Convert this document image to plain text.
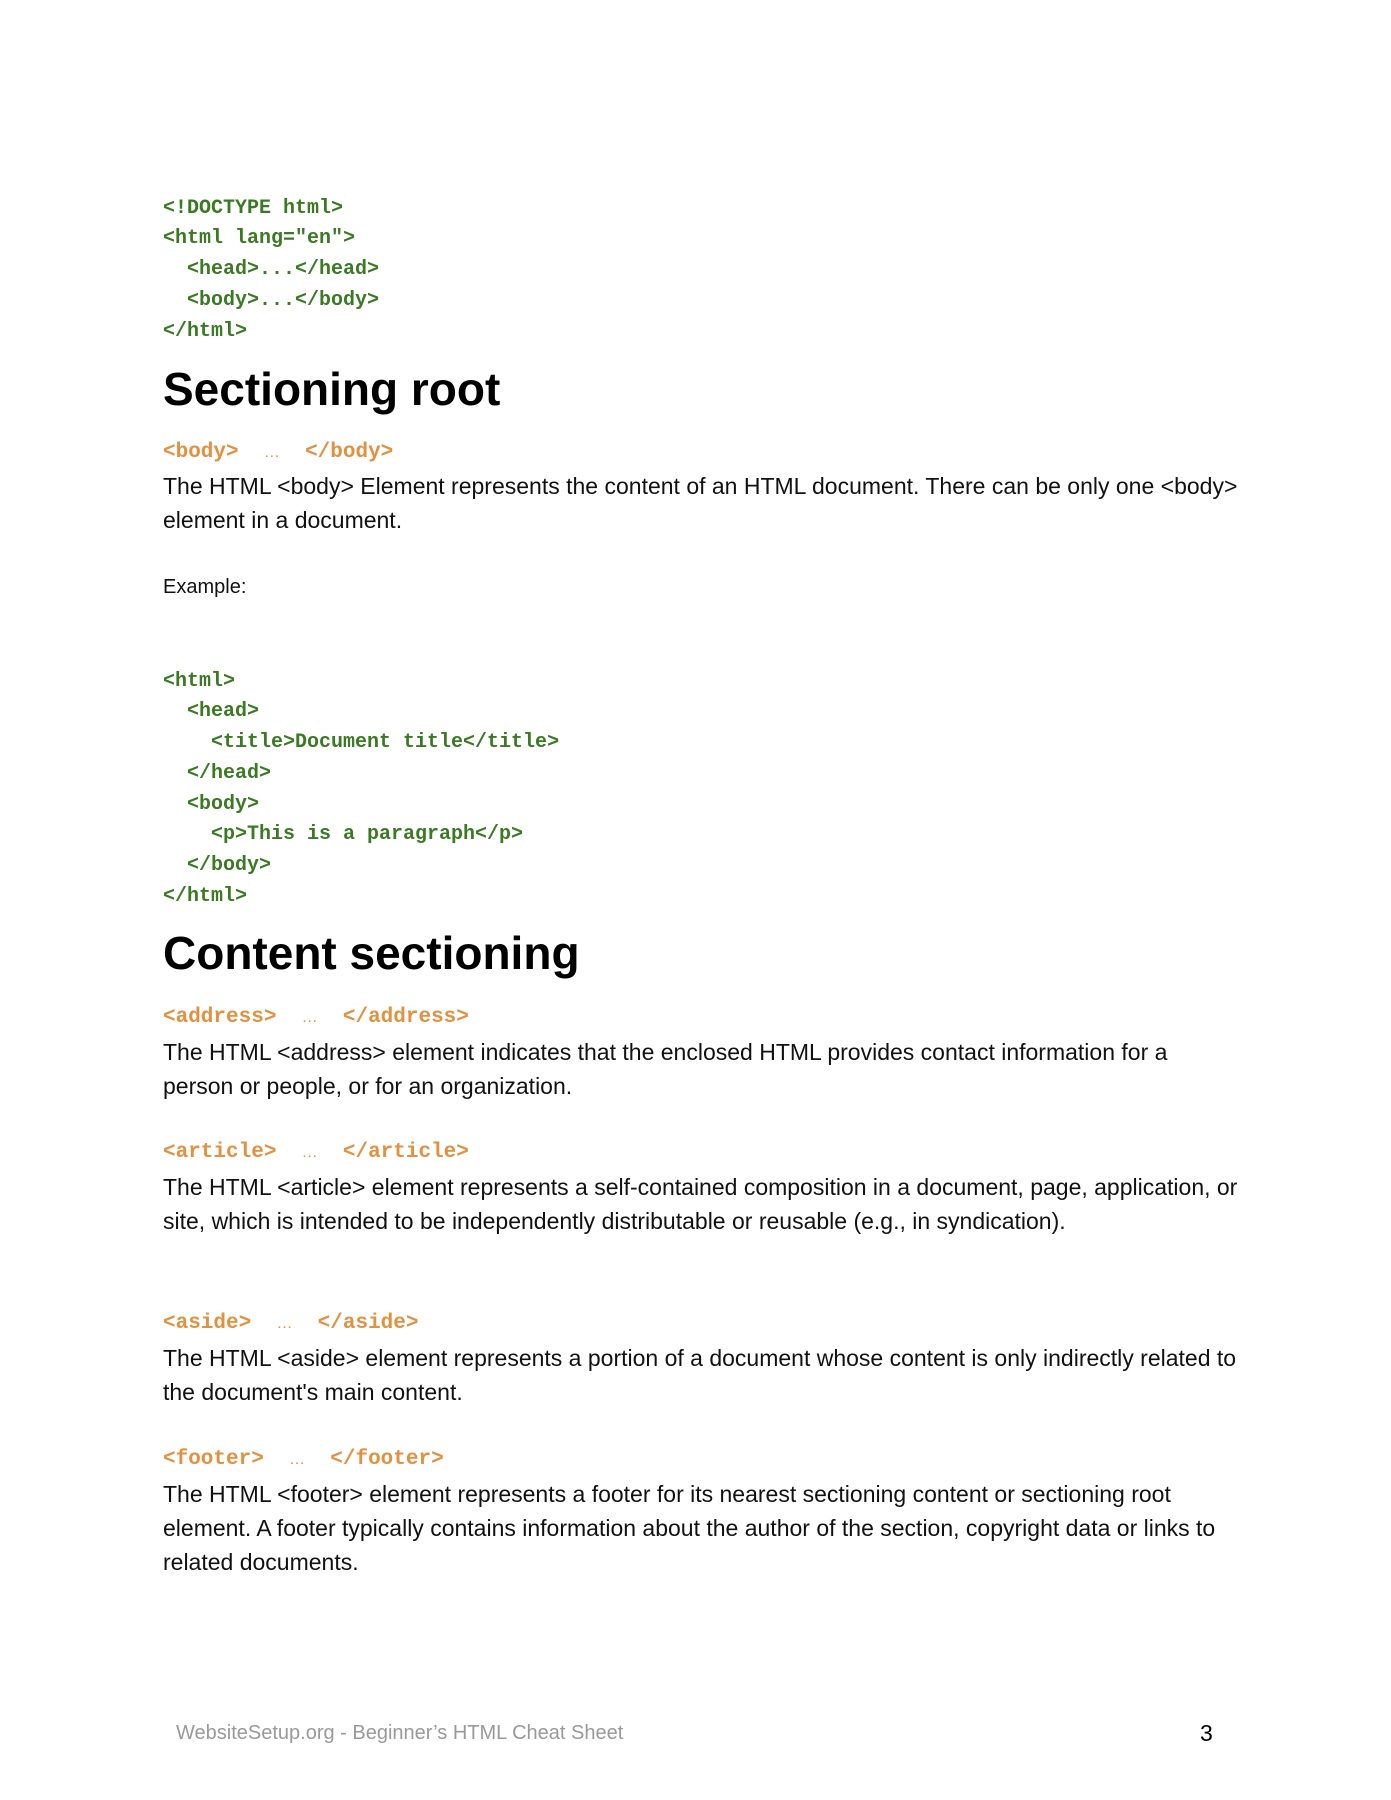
<!DOCTYPE html>
<html lang="en">
<head>...</head>
<body>...</body>
</html>
Sectioning root
<body> … </body>

The HTML <body> Element represents the content of an HTML document. There can be only one <body> element in a document.

Example:

<html>
<head>
<title>Document title</title>
</head>
<body>
<p>This is a paragraph</p>
</body>
</html>
Content sectioning
<address> … </address>

The HTML <address> element indicates that the enclosed HTML provides contact information for a person or people, or for an organization.

<article> … </article>

The HTML <article> element represents a self-contained composition in a document, page, application, or site, which is intended to be independently distributable or reusable (e.g., in syndication).

<aside> … </aside>

The HTML <aside> element represents a portion of a document whose content is only indirectly related to the document's main content.

<footer> … </footer>

The HTML <footer> element represents a footer for its nearest sectioning content or sectioning root element. A footer typically contains information about the author of the section, copyright data or links to related documents.

WebsiteSetup.org - Beginner’s HTML Cheat Sheet	3
